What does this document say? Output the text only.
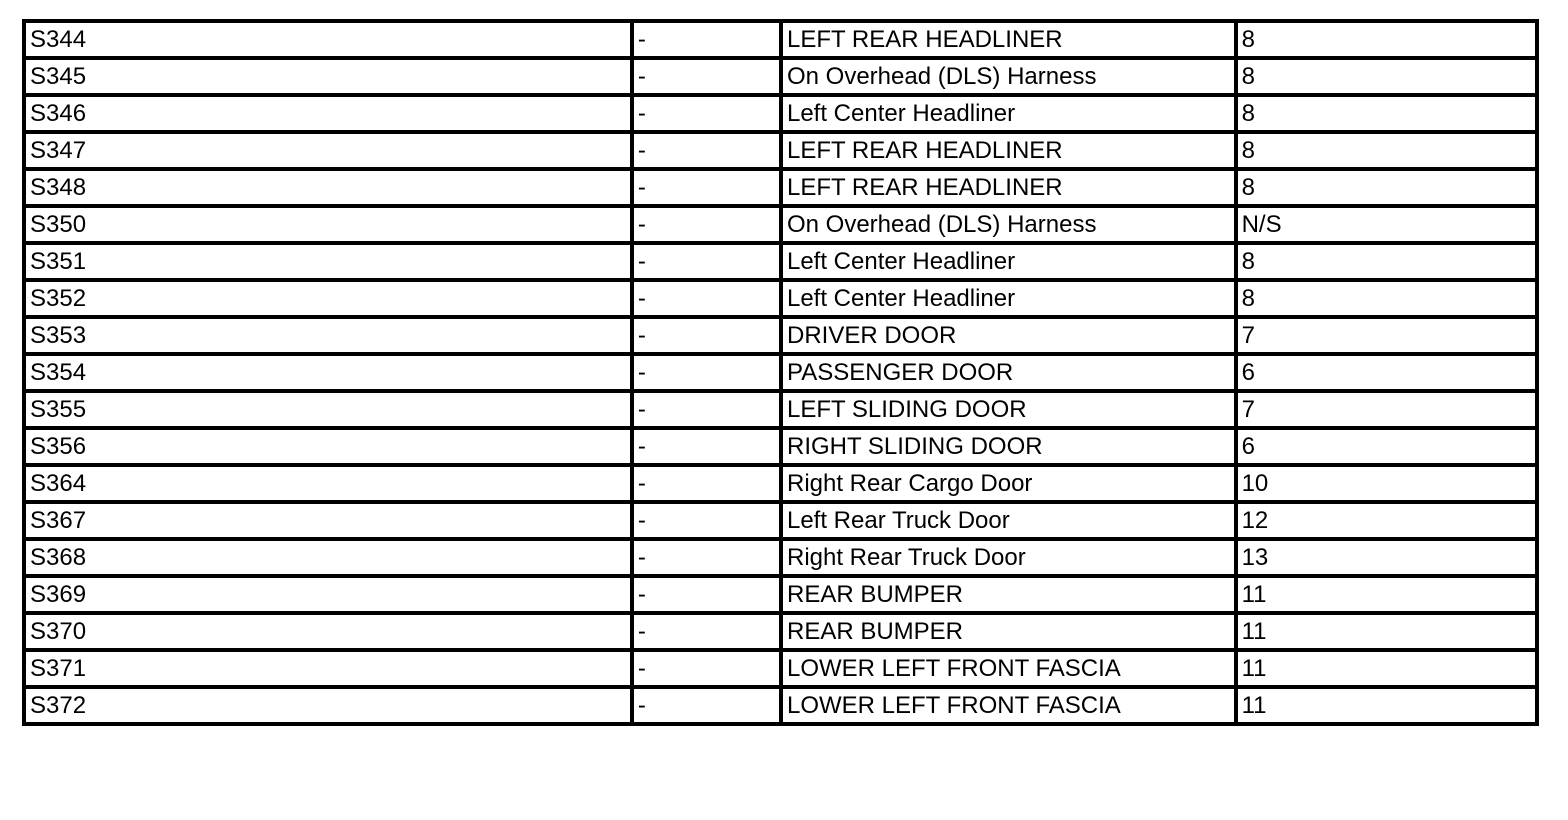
S344	-	LEFT REAR HEADLINER	8
S345	-	On Overhead (DLS) Harness	8
S346	-	Left Center Headliner	8
S347	-	LEFT REAR HEADLINER	8
S348	-	LEFT REAR HEADLINER	8
S350	-	On Overhead (DLS) Harness	N/S
S351	-	Left Center Headliner	8
S352	-	Left Center Headliner	8
S353	-	DRIVER DOOR	7
S354	-	PASSENGER DOOR	6
S355	-	LEFT SLIDING DOOR	7
S356	-	RIGHT SLIDING DOOR	6
S364	-	Right Rear Cargo Door	10
S367	-	Left Rear Truck Door	12
S368	-	Right Rear Truck Door	13
S369	-	REAR BUMPER	11
S370	-	REAR BUMPER	11
S371	-	LOWER LEFT FRONT FASCIA	11
S372	-	LOWER LEFT FRONT FASCIA	11
